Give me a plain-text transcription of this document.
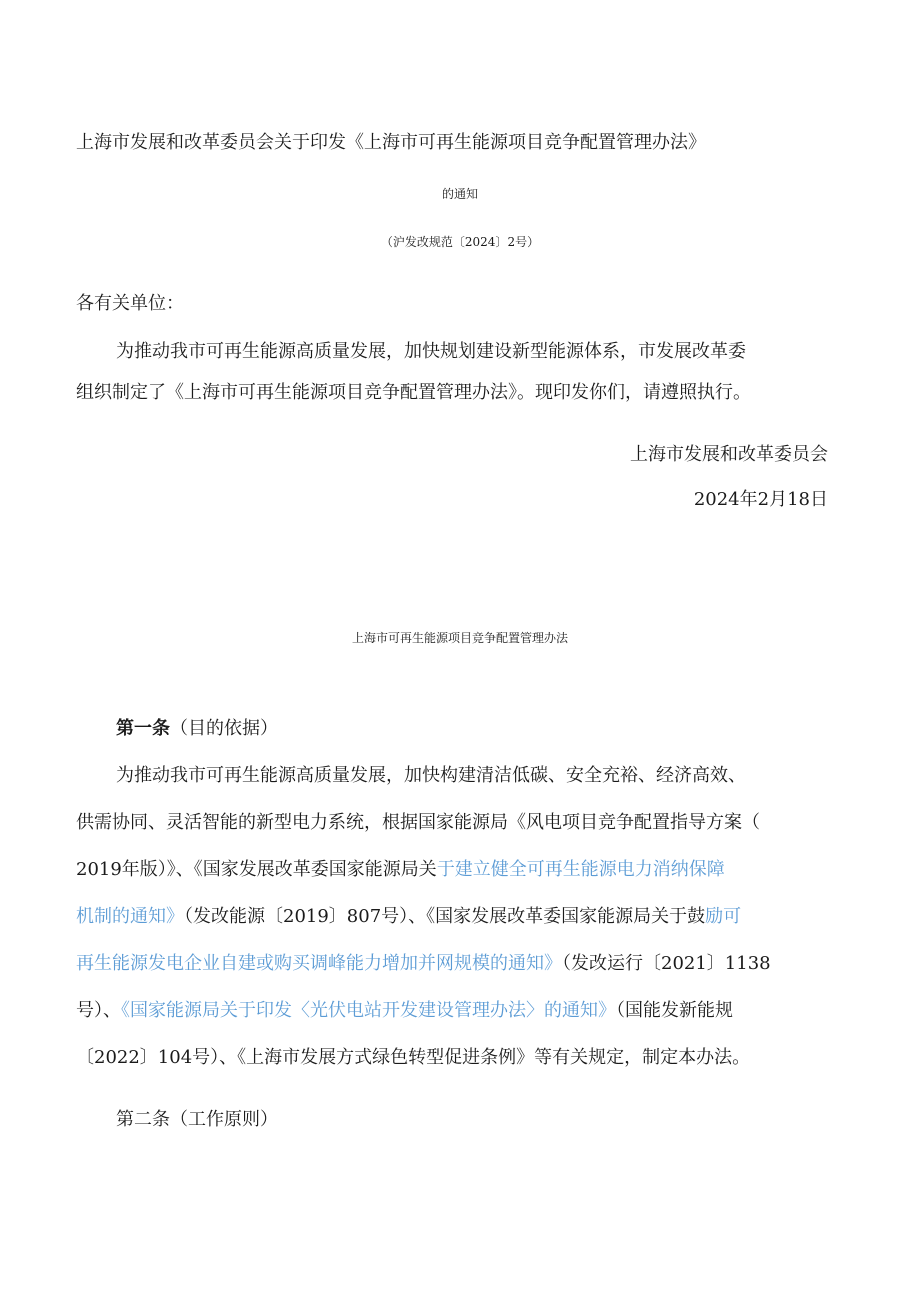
上海市发展和改革委员会关于印发《上海市可再生能源项目竞争配置管理办法》

的通知

（沪发改规范〔2024〕2号）

各有关单位：

为推动我市可再生能源高质量发展，加快规划建设新型能源体系，市发展改革委

组织制定了《上海市可再生能源项目竞争配置管理办法》。现印发你们，请遵照执行。

上海市发展和改革委员会

2024年2月18日

上海市可再生能源项目竞争配置管理办法

第一条（目的依据）

为推动我市可再生能源高质量发展，加快构建清洁低碳、安全充裕、经济高效、

供需协同、灵活智能的新型电力系统，根据国家能源局《风电项目竞争配置指导方案（

2019年版）》、《国家发展改革委国家能源局关于建立健全可再生能源电力消纳保障

机制的通知》（发改能源〔2019〕807号）、《国家发展改革委国家能源局关于鼓励可

再生能源发电企业自建或购买调峰能力增加并网规模的通知》（发改运行〔2021〕1138

号）、《国家能源局关于印发〈光伏电站开发建设管理办法〉的通知》（国能发新能规

〔2022〕104号）、《上海市发展方式绿色转型促进条例》等有关规定，制定本办法。

第二条（工作原则）
